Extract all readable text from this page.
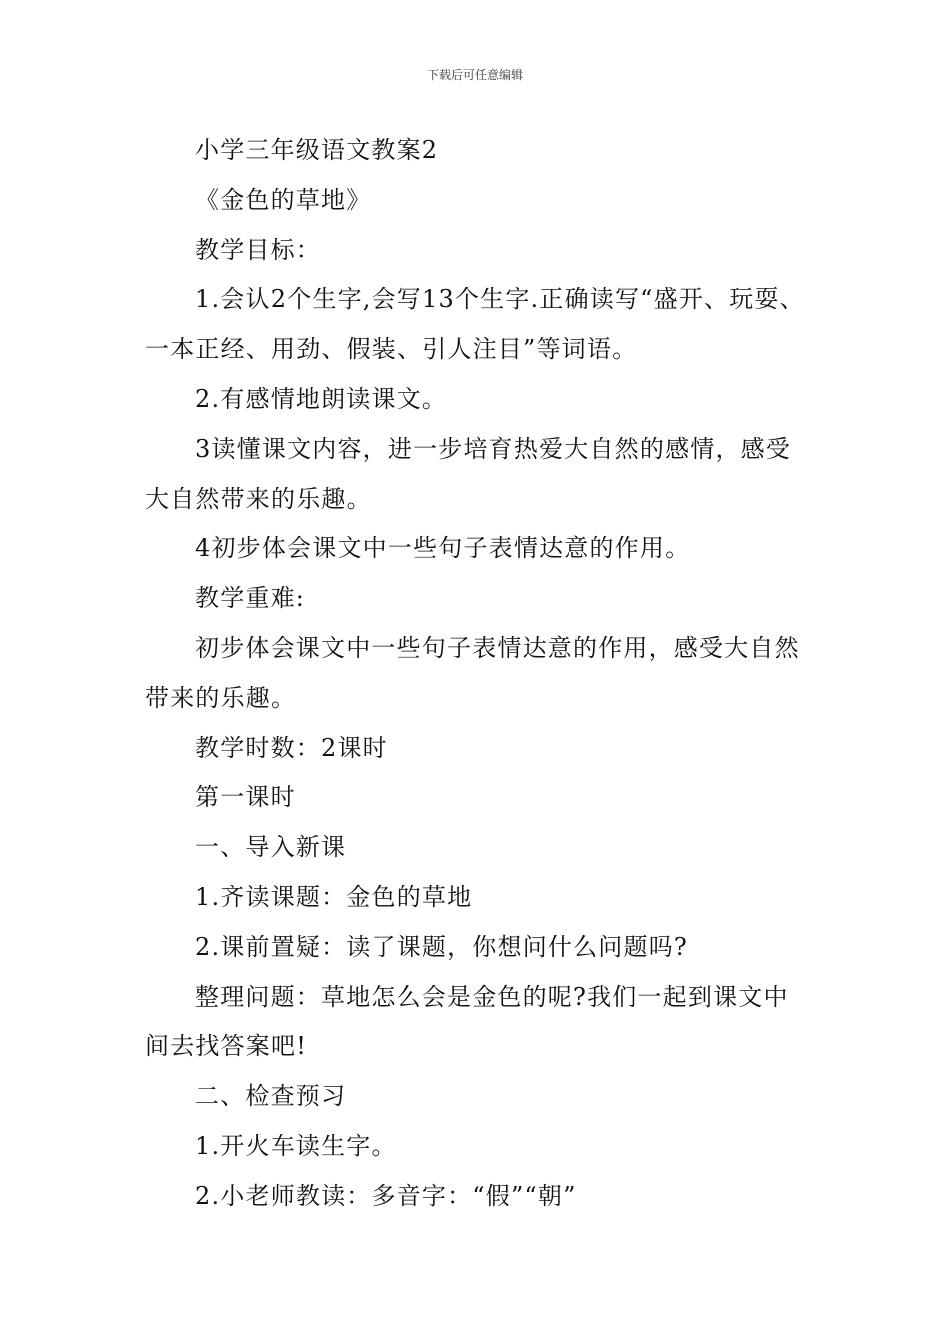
下载后可任意编辑

小学三年级语文教案2

《金色的草地》

教学目标：

1.会认2个生字,会写13个生字.正确读写“盛开、玩耍、一本正经、用劲、假装、引人注目”等词语。

2.有感情地朗读课文。

3读懂课文内容，进一步培育热爱大自然的感情，感受大自然带来的乐趣。

4初步体会课文中一些句子表情达意的作用。

教学重难:

初步体会课文中一些句子表情达意的作用，感受大自然带来的乐趣。

教学时数：2课时

第一课时

一、导入新课

1.齐读课题：金色的草地

2.课前置疑：读了课题，你想问什么问题吗?

整理问题：草地怎么会是金色的呢?我们一起到课文中间去找答案吧!

二、检查预习

1.开火车读生字。

2.小老师教读：多音字：“假”“朝”
